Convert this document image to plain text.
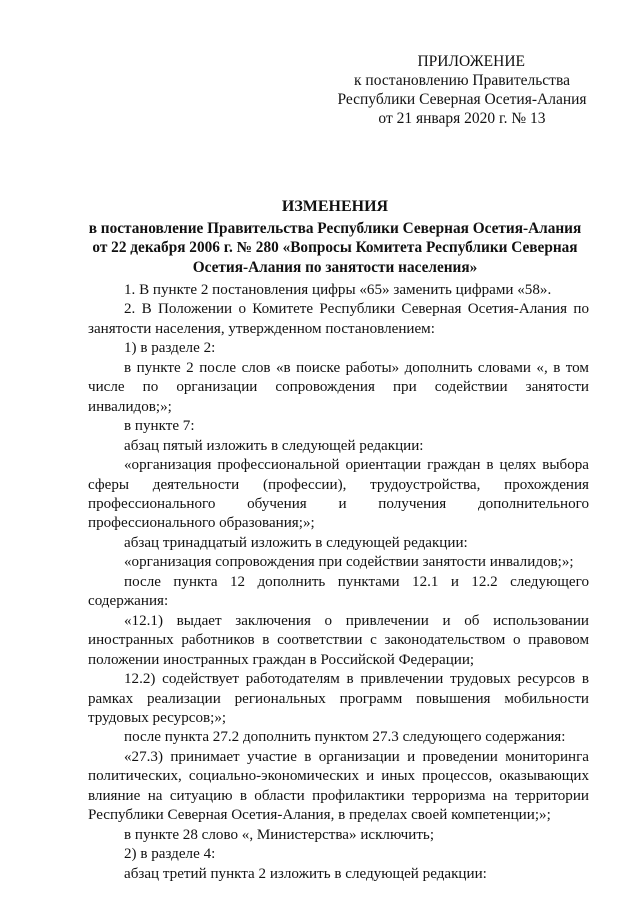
ПРИЛОЖЕНИЕ
к постановлению Правительства
Республики Северная Осетия-Алания
от 21 января 2020 г. № 13
ИЗМЕНЕНИЯ
в постановление Правительства Республики Северная Осетия-Алания
от 22 декабря 2006 г. № 280 «Вопросы Комитета Республики Северная
Осетия-Алания по занятости населения»

1. В пункте 2 постановления цифры «65» заменить цифрами «58».

2. В Положении о Комитете Республики Северная Осетия-Алания по занятости населения, утвержденном постановлением:

1) в разделе 2:

в пункте 2 после слов «в поиске работы» дополнить словами «, в том числе по организации сопровождения при содействии занятости инвалидов;»;

в пункте 7:

абзац пятый изложить в следующей редакции:

«организация профессиональной ориентации граждан в целях выбора сферы деятельности (профессии), трудоустройства, прохождения профессионального обучения и получения дополнительного профессионального образования;»;

абзац тринадцатый изложить в следующей редакции:

«организация сопровождения при содействии занятости инвалидов;»;

после пункта 12 дополнить пунктами 12.1 и 12.2 следующего содержания:

«12.1) выдает заключения о привлечении и об использовании иностранных работников в соответствии с законодательством о правовом положении иностранных граждан в Российской Федерации;

12.2) содействует работодателям в привлечении трудовых ресурсов в рамках реализации региональных программ повышения мобильности трудовых ресурсов;»;

после пункта 27.2 дополнить пунктом 27.3 следующего содержания:

«27.3) принимает участие в организации и проведении мониторинга политических, социально-экономических и иных процессов, оказывающих влияние на ситуацию в области профилактики терроризма на территории Республики Северная Осетия-Алания, в пределах своей компетенции;»;

в пункте 28 слово «, Министерства» исключить;

2) в разделе 4:

абзац третий пункта 2 изложить в следующей редакции:
